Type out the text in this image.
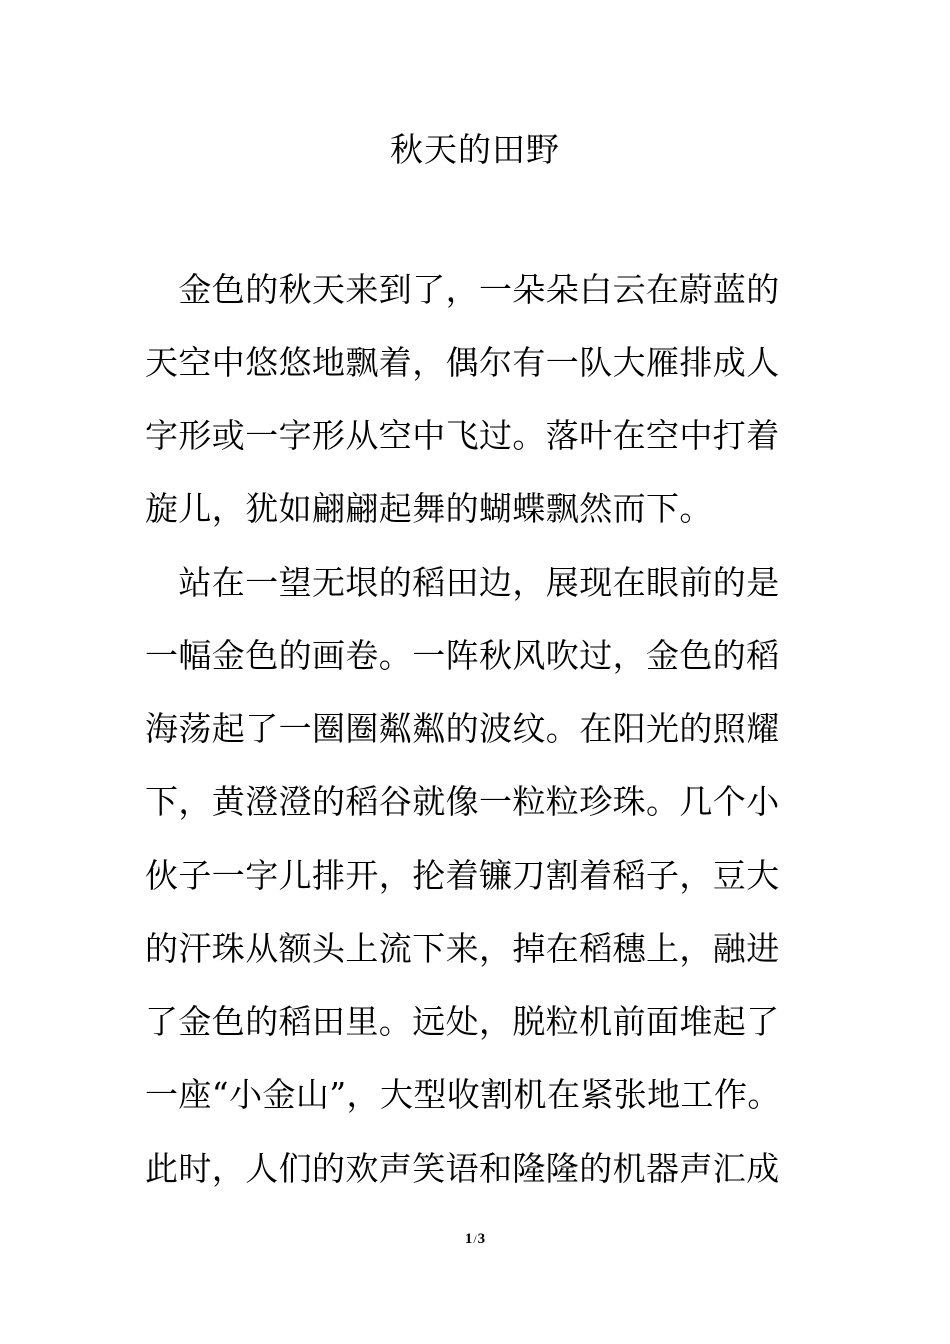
秋天的田野
　金色的秋天来到了，一朵朵白云在蔚蓝的
天空中悠悠地飘着，偶尔有一队大雁排成人
字形或一字形从空中飞过。落叶在空中打着
旋儿，犹如翩翩起舞的蝴蝶飘然而下。
　站在一望无垠的稻田边，展现在眼前的是
一幅金色的画卷。一阵秋风吹过，金色的稻
海荡起了一圈圈粼粼的波纹。在阳光的照耀
下，黄澄澄的稻谷就像一粒粒珍珠。几个小
伙子一字儿排开，抡着镰刀割着稻子，豆大
的汗珠从额头上流下来，掉在稻穗上，融进
了金色的稻田里。远处，脱粒机前面堆起了
一座“小金山”，大型收割机在紧张地工作。
此时，人们的欢声笑语和隆隆的机器声汇成
1/3
